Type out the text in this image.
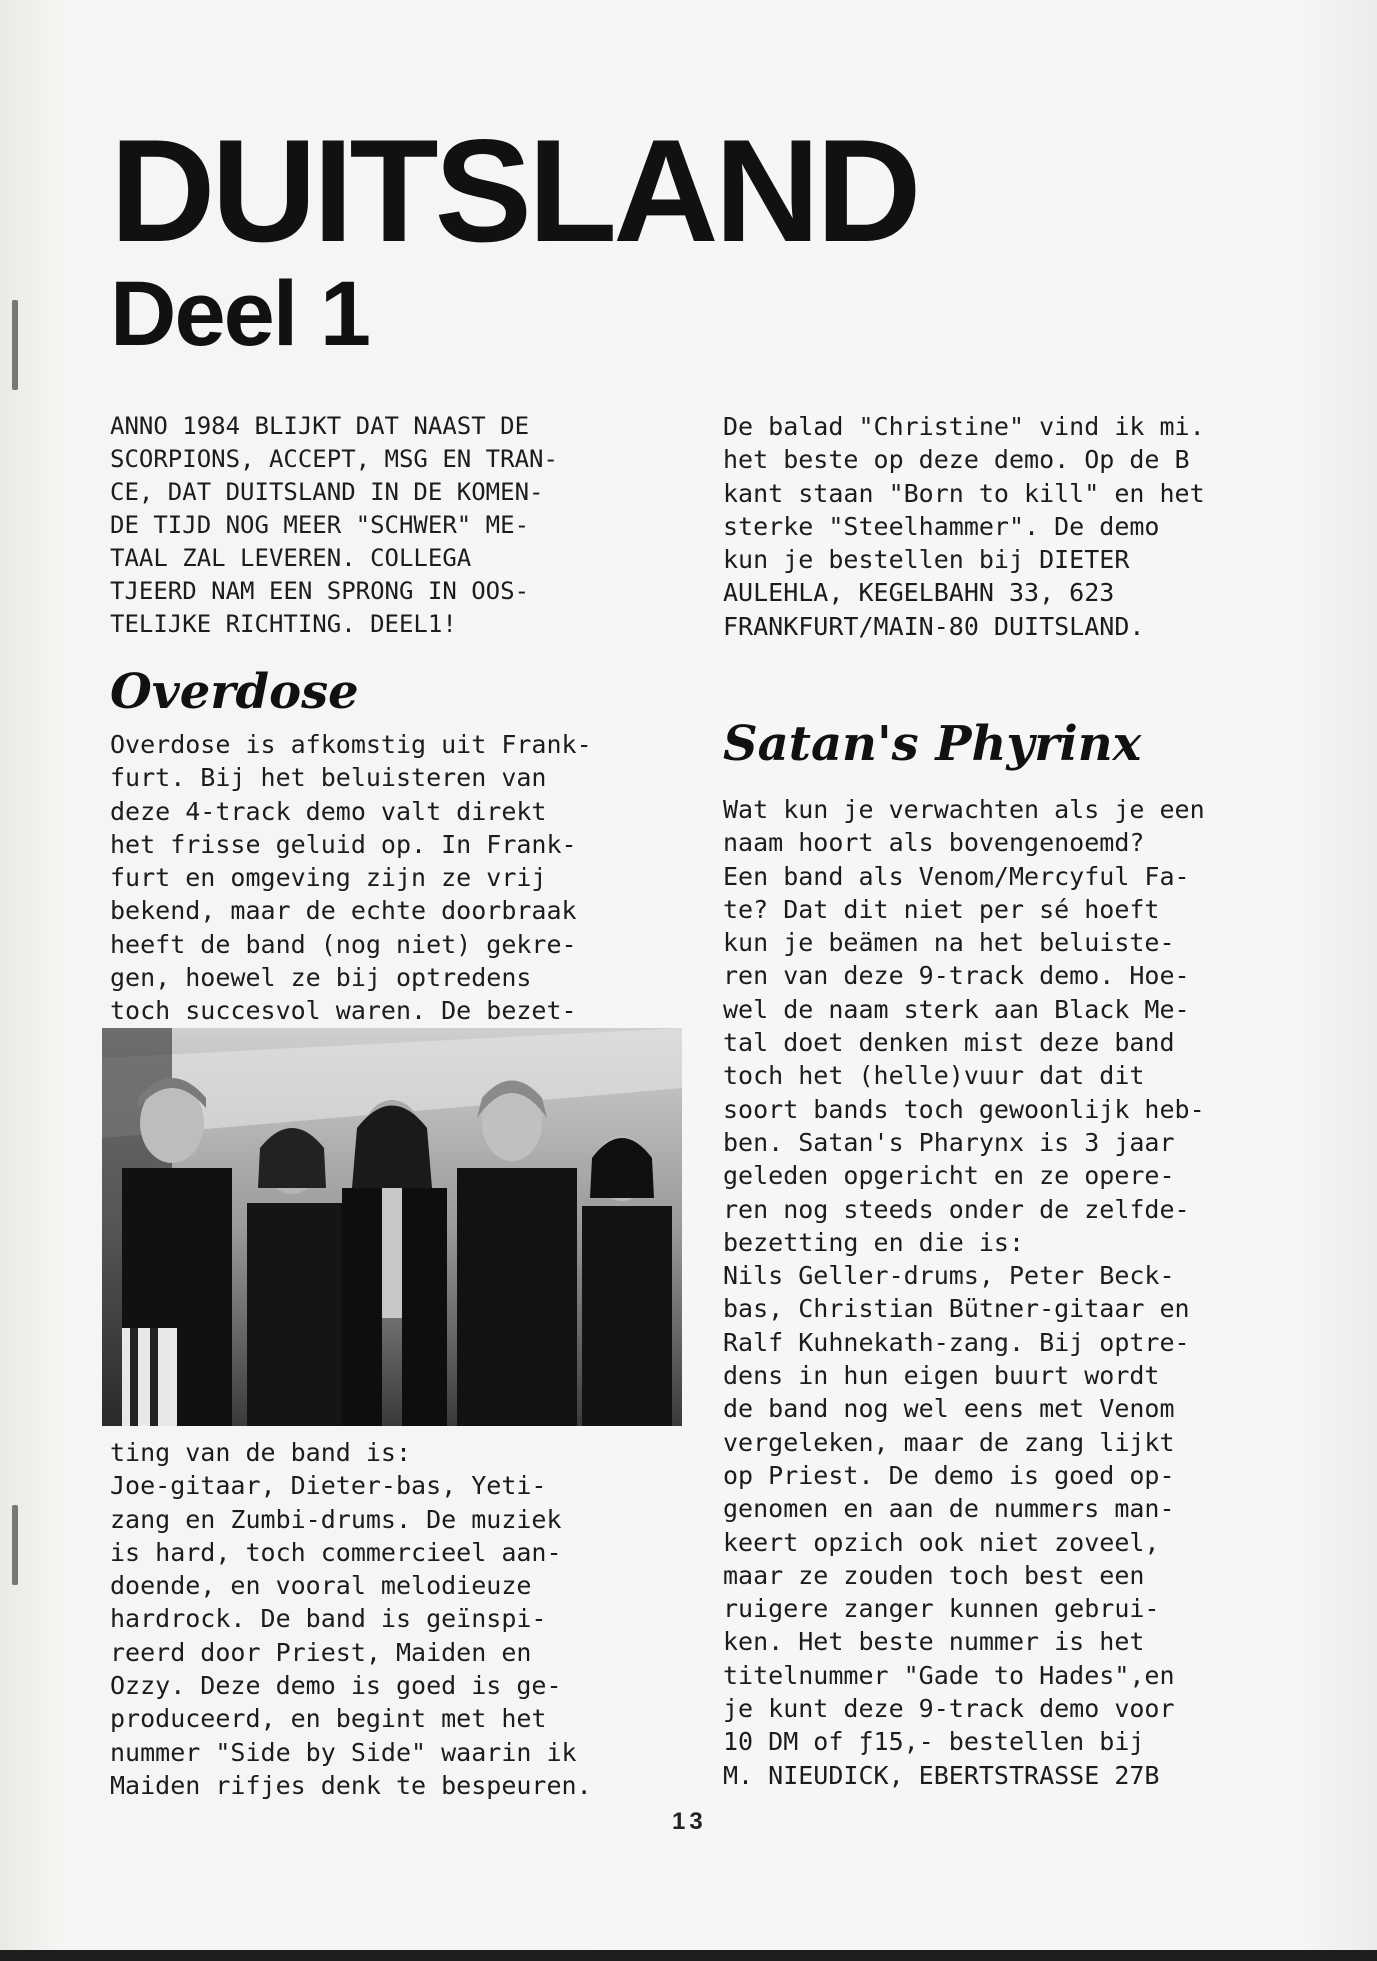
DUITSLAND
Deel 1
ANNO 1984 BLIJKT DAT NAAST DE
SCORPIONS, ACCEPT, MSG EN TRAN-
CE, DAT DUITSLAND IN DE KOMEN-
DE TIJD NOG MEER "SCHWER" ME-
TAAL ZAL LEVEREN. COLLEGA
TJEERD NAM EEN SPRONG IN OOS-
TELIJKE RICHTING. DEEL1!
Overdose
Overdose is afkomstig uit Frank-
furt. Bij het beluisteren van
deze 4-track demo valt direkt
het frisse geluid op. In Frank-
furt en omgeving zijn ze vrij
bekend, maar de echte doorbraak
heeft de band (nog niet) gekre-
gen, hoewel ze bij optredens
toch succesvol waren. De bezet-
ting van de band is:
Joe-gitaar, Dieter-bas, Yeti-
zang en Zumbi-drums. De muziek
is hard, toch commercieel aan-
doende, en vooral melodieuze
hardrock. De band is geïnspi-
reerd door Priest, Maiden en
Ozzy. Deze demo is goed is ge-
produceerd, en begint met het
nummer "Side by Side" waarin ik
Maiden rifjes denk te bespeuren.
De balad "Christine" vind ik mi.
het beste op deze demo. Op de B
kant staan "Born to kill" en het
sterke "Steelhammer". De demo
kun je bestellen bij DIETER
AULEHLA, KEGELBAHN 33, 623
FRANKFURT/MAIN-80 DUITSLAND.
Satan's Phyrinx
Wat kun je verwachten als je een
naam hoort als bovengenoemd?
Een band als Venom/Mercyful Fa-
te? Dat dit niet per sé hoeft
kun je beämen na het beluiste-
ren van deze 9-track demo. Hoe-
wel de naam sterk aan Black Me-
tal doet denken mist deze band
toch het (helle)vuur dat dit
soort bands toch gewoonlijk heb-
ben. Satan's Pharynx is 3 jaar
geleden opgericht en ze opere-
ren nog steeds onder de zelfde-
bezetting en die is:
Nils Geller-drums, Peter Beck-
bas, Christian Bütner-gitaar en
Ralf Kuhnekath-zang. Bij optre-
dens in hun eigen buurt wordt
de band nog wel eens met Venom
vergeleken, maar de zang lijkt
op Priest. De demo is goed op-
genomen en aan de nummers man-
keert opzich ook niet zoveel,
maar ze zouden toch best een
ruigere zanger kunnen gebrui-
ken. Het beste nummer is het
titelnummer "Gade to Hades",en
je kunt deze 9-track demo voor
10 DM of ƒ15,- bestellen bij
M. NIEUDICK, EBERTSTRASSE 27B
13
